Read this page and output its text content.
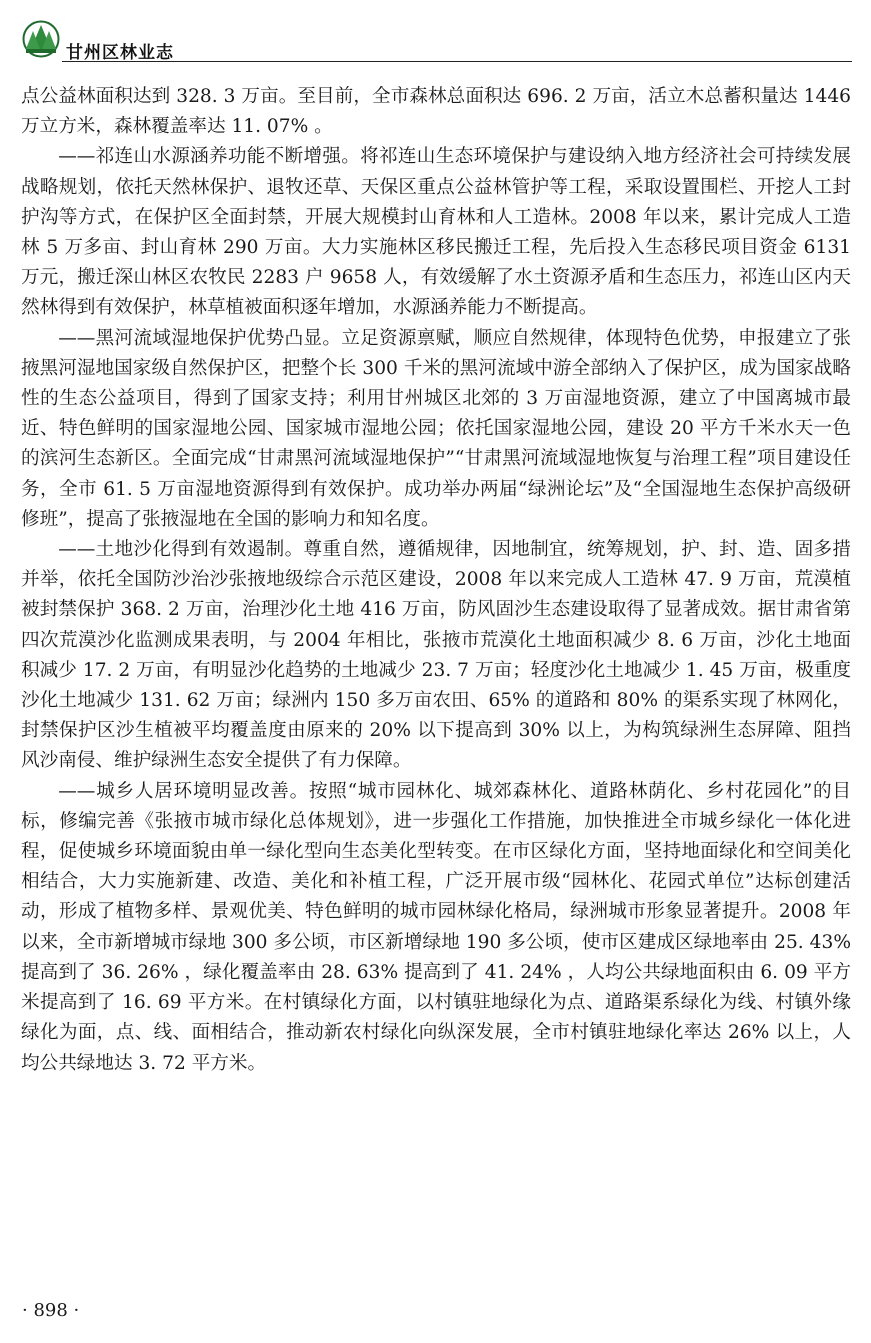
甘州区林业志

点公益林面积达到 328. 3 万亩。至目前，全市森林总面积达 696. 2 万亩，活立木总蓄积量达 1446 万立方米，森林覆盖率达 11. 07% 。

——祁连山水源涵养功能不断增强。将祁连山生态环境保护与建设纳入地方经济社会可持续发展战略规划，依托天然林保护、退牧还草、天保区重点公益林管护等工程，采取设置围栏、开挖人工封护沟等方式，在保护区全面封禁，开展大规模封山育林和人工造林。2008 年以来，累计完成人工造林 5 万多亩、封山育林 290 万亩。大力实施林区移民搬迁工程，先后投入生态移民项目资金 6131 万元，搬迁深山林区农牧民 2283 户 9658 人，有效缓解了水土资源矛盾和生态压力，祁连山区内天然林得到有效保护，林草植被面积逐年增加，水源涵养能力不断提高。

——黑河流域湿地保护优势凸显。立足资源禀赋，顺应自然规律，体现特色优势，申报建立了张掖黑河湿地国家级自然保护区，把整个长 300 千米的黑河流域中游全部纳入了保护区，成为国家战略性的生态公益项目，得到了国家支持；利用甘州城区北郊的 3 万亩湿地资源，建立了中国离城市最近、特色鲜明的国家湿地公园、国家城市湿地公园；依托国家湿地公园，建设 20 平方千米水天一色的滨河生态新区。全面完成“甘肃黑河流域湿地保护”“甘肃黑河流域湿地恢复与治理工程”项目建设任务，全市 61. 5 万亩湿地资源得到有效保护。成功举办两届“绿洲论坛”及“全国湿地生态保护高级研修班”，提高了张掖湿地在全国的影响力和知名度。

——土地沙化得到有效遏制。尊重自然，遵循规律，因地制宜，统筹规划，护、封、造、固多措并举，依托全国防沙治沙张掖地级综合示范区建设，2008 年以来完成人工造林 47. 9 万亩，荒漠植被封禁保护 368. 2 万亩，治理沙化土地 416 万亩，防风固沙生态建设取得了显著成效。据甘肃省第四次荒漠沙化监测成果表明，与 2004 年相比，张掖市荒漠化土地面积减少 8. 6 万亩，沙化土地面积减少 17. 2 万亩，有明显沙化趋势的土地减少 23. 7 万亩；轻度沙化土地减少 1. 45 万亩，极重度沙化土地减少 131. 62 万亩；绿洲内 150 多万亩农田、65% 的道路和 80% 的渠系实现了林网化，封禁保护区沙生植被平均覆盖度由原来的 20% 以下提高到 30% 以上，为构筑绿洲生态屏障、阻挡风沙南侵、维护绿洲生态安全提供了有力保障。

——城乡人居环境明显改善。按照“城市园林化、城郊森林化、道路林荫化、乡村花园化”的目标，修编完善《张掖市城市绿化总体规划》，进一步强化工作措施，加快推进全市城乡绿化一体化进程，促使城乡环境面貌由单一绿化型向生态美化型转变。在市区绿化方面，坚持地面绿化和空间美化相结合，大力实施新建、改造、美化和补植工程，广泛开展市级“园林化、花园式单位”达标创建活动，形成了植物多样、景观优美、特色鲜明的城市园林绿化格局，绿洲城市形象显著提升。2008 年以来，全市新增城市绿地 300 多公顷，市区新增绿地 190 多公顷，使市区建成区绿地率由 25. 43% 提高到了 36. 26% ，绿化覆盖率由 28. 63% 提高到了 41. 24% ，人均公共绿地面积由 6. 09 平方米提高到了 16. 69 平方米。在村镇绿化方面，以村镇驻地绿化为点、道路渠系绿化为线、村镇外缘绿化为面，点、线、面相结合，推动新农村绿化向纵深发展，全市村镇驻地绿化率达 26% 以上，人均公共绿地达 3. 72 平方米。

· 898 ·
